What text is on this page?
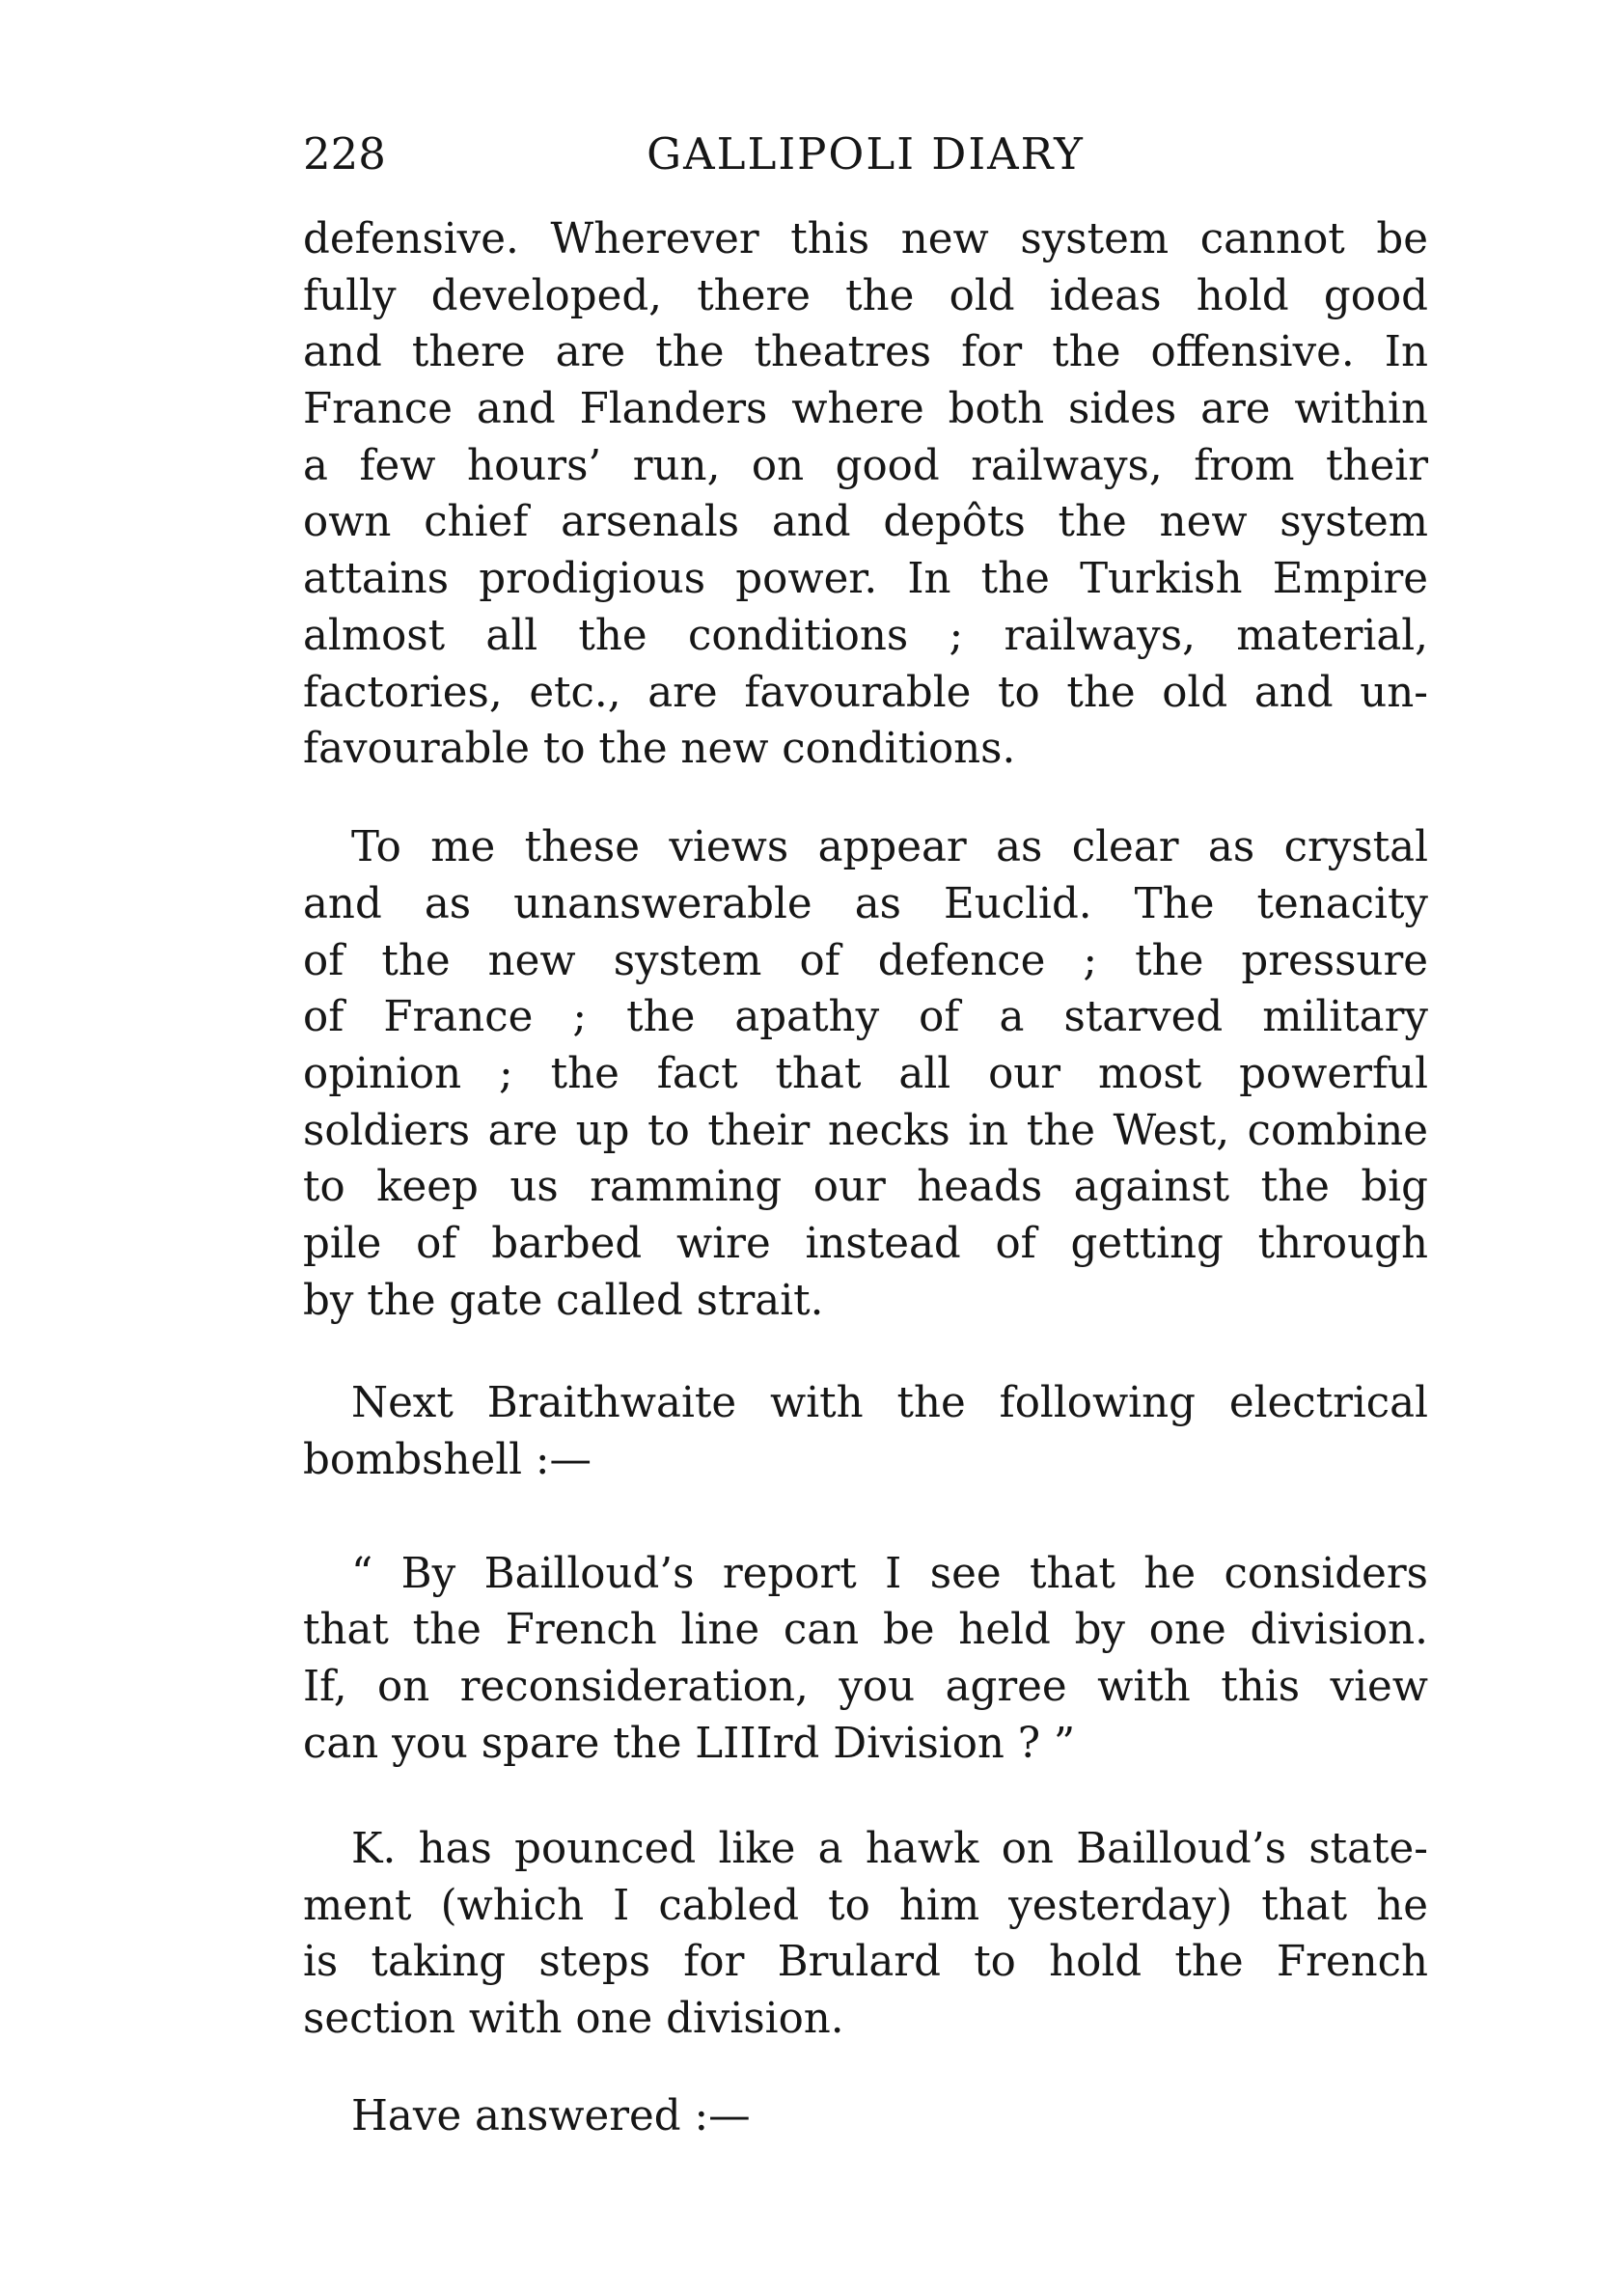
228	GALLIPOLI DIARY
defensive. Wherever this new system cannot be
fully developed, there the old ideas hold good
and there are the theatres for the offensive. In
France and Flanders where both sides are within
a few hours’ run, on good railways, from their
own chief arsenals and depôts the new system
attains prodigious power. In the Turkish Empire
almost all the conditions ; railways, material,
factories, etc., are favourable to the old and un-
favourable to the new conditions.
To me these views appear as clear as crystal
and as unanswerable as Euclid. The tenacity
of the new system of defence ; the pressure
of France ; the apathy of a starved military
opinion ; the fact that all our most powerful
soldiers are up to their necks in the West, combine
to keep us ramming our heads against the big
pile of barbed wire instead of getting through
by the gate called strait.
Next Braithwaite with the following electrical
bombshell :—
“ By Bailloud’s report I see that he considers
that the French line can be held by one division.
If, on reconsideration, you agree with this view
can you spare the LIIIrd Division ? ”
K. has pounced like a hawk on Bailloud’s state-
ment (which I cabled to him yesterday) that he
is taking steps for Brulard to hold the French
section with one division.
Have answered :—
